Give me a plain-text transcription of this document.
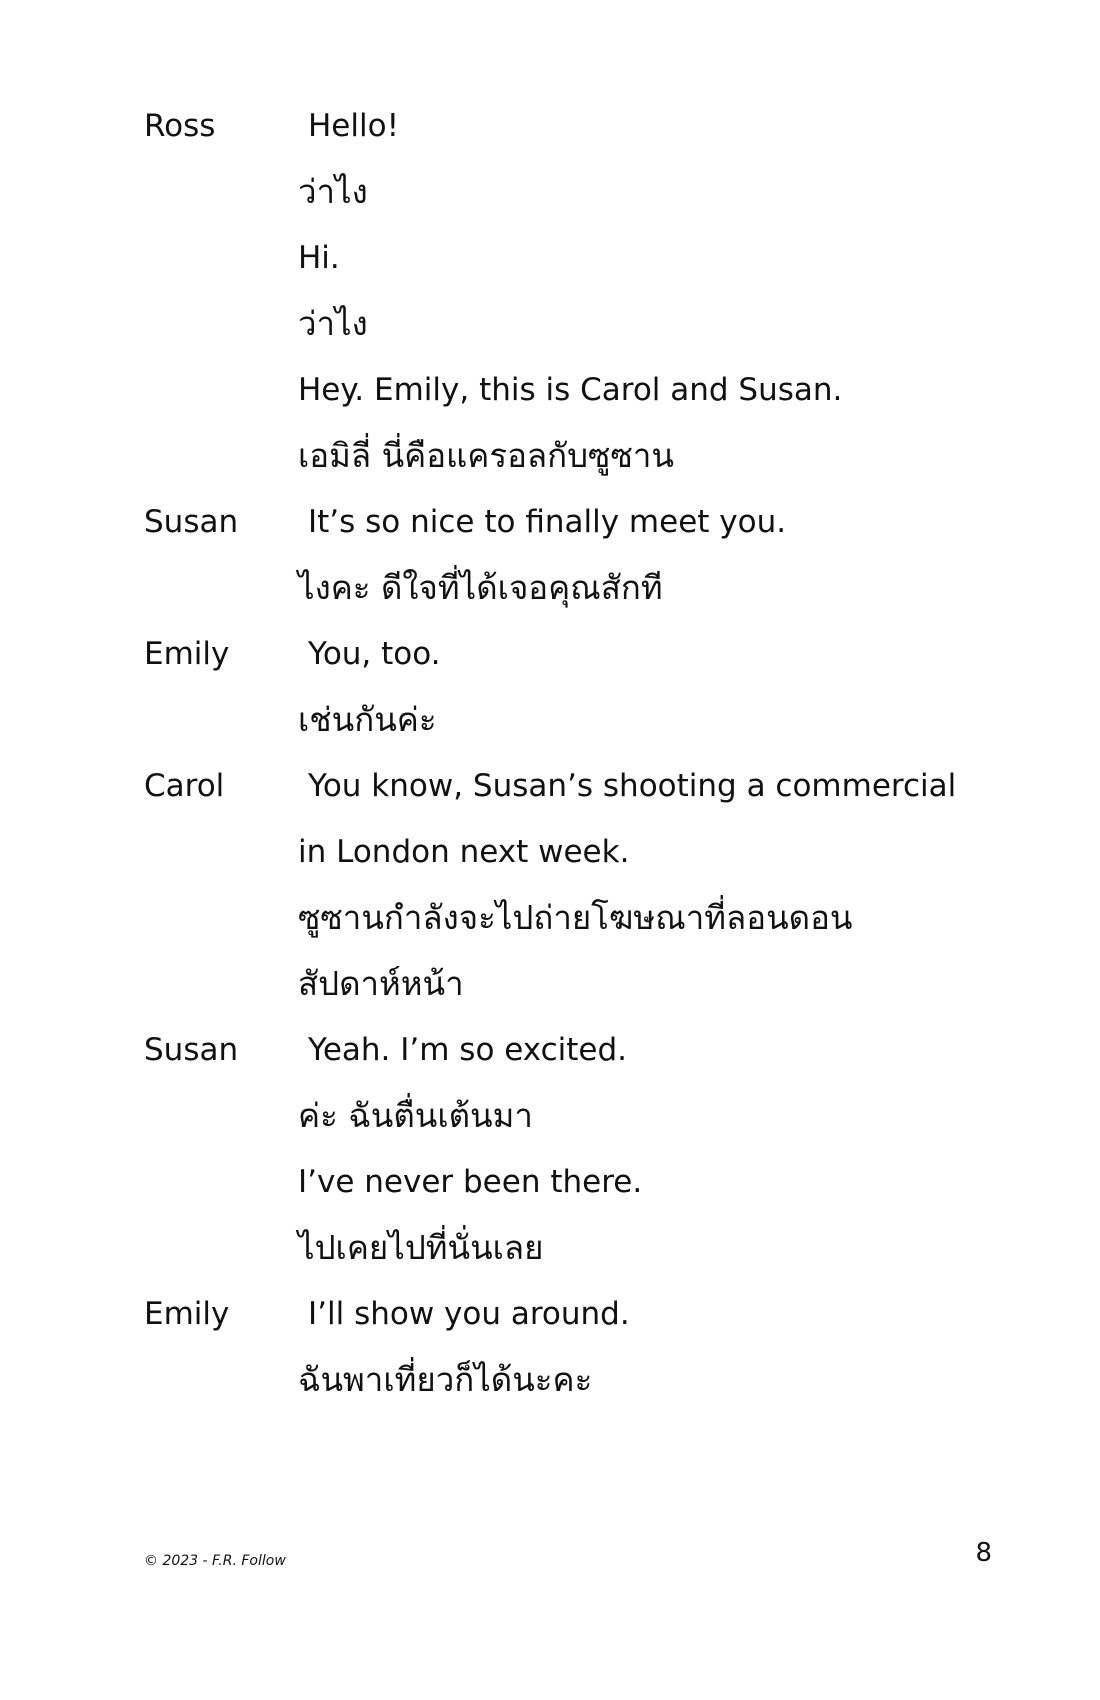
Ross	Hello!
ว่าไง
Hi.
ว่าไง
Hey. Emily, this is Carol and Susan.
เอมิลี่ นี่คือแครอลกับซูซาน
Susan It’s so nice to finally meet you.
ไงคะ ดีใจที่ได้เจอคุณสักที
Emily	You, too.
เช่นกันค่ะ
Carol	You know, Susan’s shooting a commercial
in London next week.
ซูซานกำลังจะไปถ่ายโฆษณาที่ลอนดอน
สัปดาห์หน้า
Susan Yeah. I’m so excited.
ค่ะ ฉันตื่นเต้นมา
I’ve never been there.
ไปเคยไปที่นั่นเลย
Emily	I’ll show you around.
ฉันพาเที่ยวก็ได้นะคะ
© 2023 - F.R. Follow	8
